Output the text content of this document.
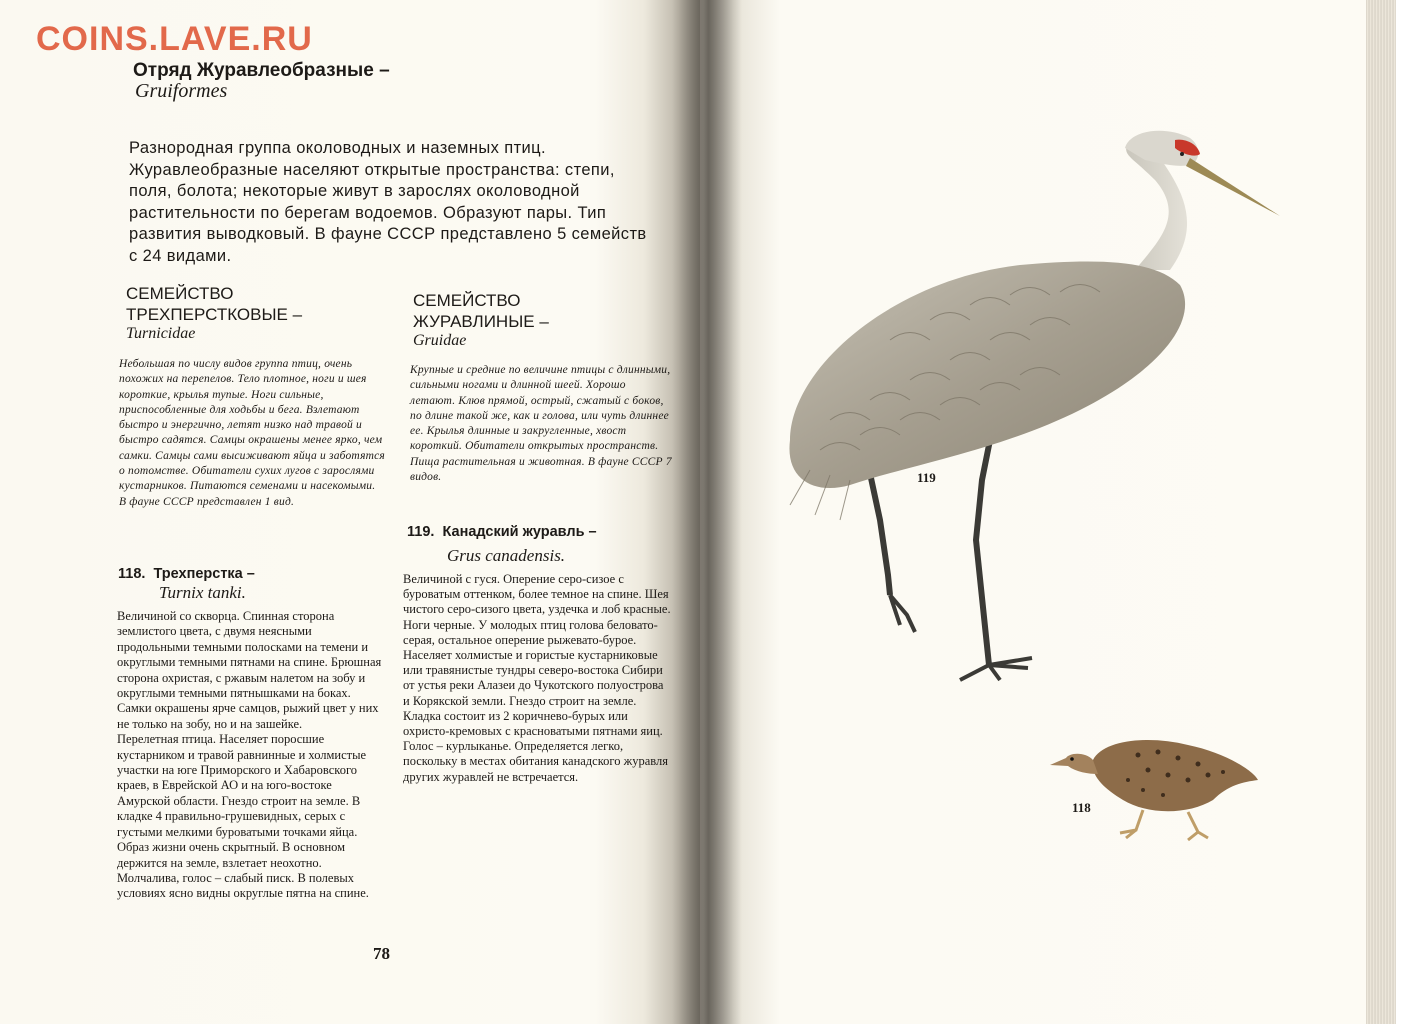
COINS.LAVE.RU
Отряд Журавлеобразные –
Gruiformes
Разнородная группа околоводных и наземных птиц. Журавлеобразные населяют открытые пространства: степи, поля, болота; некоторые живут в зарослях околоводной растительности по берегам водоемов. Образуют пары. Тип развития выводковый. В фауне СССР представлено 5 семейств с 24 видами.
СЕМЕЙСТВО
ТРЕХПЕРСТКОВЫЕ –
Turnicidae
Небольшая по числу видов группа птиц, очень похожих на перепелов. Тело плотное, ноги и шея короткие, крылья тупые. Ноги сильные, приспособленные для ходьбы и бега. Взлетают быстро и энергично, летят низко над травой и быстро садятся. Самцы окрашены менее ярко, чем самки. Самцы сами высиживают яйца и заботятся о потомстве. Обитатели сухих лугов с зарослями кустарников. Питаются семенами и насекомыми. В фауне СССР представлен 1 вид.
118. Трехперстка –
Turnix tanki.
Величиной со скворца. Спинная сторона землистого цвета, с двумя неясными продольными темными полосками на темени и округлыми темными пятнами на спине. Брюшная сторона охристая, с ржавым налетом на зобу и округлыми темными пятнышками на боках. Самки окрашены ярче самцов, рыжий цвет у них не только на зобу, но и на зашейке.
Перелетная птица. Населяет поросшие кустарником и травой равнинные и холмистые участки на юге Приморского и Хабаровского краев, в Еврейской АО и на юго-востоке Амурской области. Гнездо строит на земле. В кладке 4 правильно-грушевидных, серых с густыми мелкими буроватыми точками яйца. Образ жизни очень скрытный. В основном держится на земле, взлетает неохотно. Молчалива, голос – слабый писк. В полевых условиях ясно видны округлые пятна на спине.
СЕМЕЙСТВО
ЖУРАВЛИНЫЕ –
Gruidae
Крупные и средние по величине птицы с длинными, сильными ногами и длинной шеей. Хорошо летают. Клюв прямой, острый, сжатый с боков, по длине такой же, как и голова, или чуть длиннее ее. Крылья длинные и закругленные, хвост короткий. Обитатели открытых пространств. Пища растительная и животная. В фауне СССР 7 видов.
119. Канадский журавль –
Grus canadensis.
Величиной с гуся. Оперение серо-сизое с буроватым оттенком, более темное на спине. Шея чистого серо-сизого цвета, уздечка и лоб красные. Ноги черные. У молодых птиц голова беловато-серая, остальное оперение рыжевато-бурое.
Населяет холмистые и гористые кустарниковые или травянистые тундры северо-востока Сибири от устья реки Алазеи до Чукотского полуострова и Корякской земли. Гнездо строит на земле. Кладка состоит из 2 коричнево-бурых или охристо-кремовых с красноватыми пятнами яиц. Голос – курлыканье. Определяется легко, поскольку в местах обитания канадского журавля других журавлей не встречается.
78
119
118
